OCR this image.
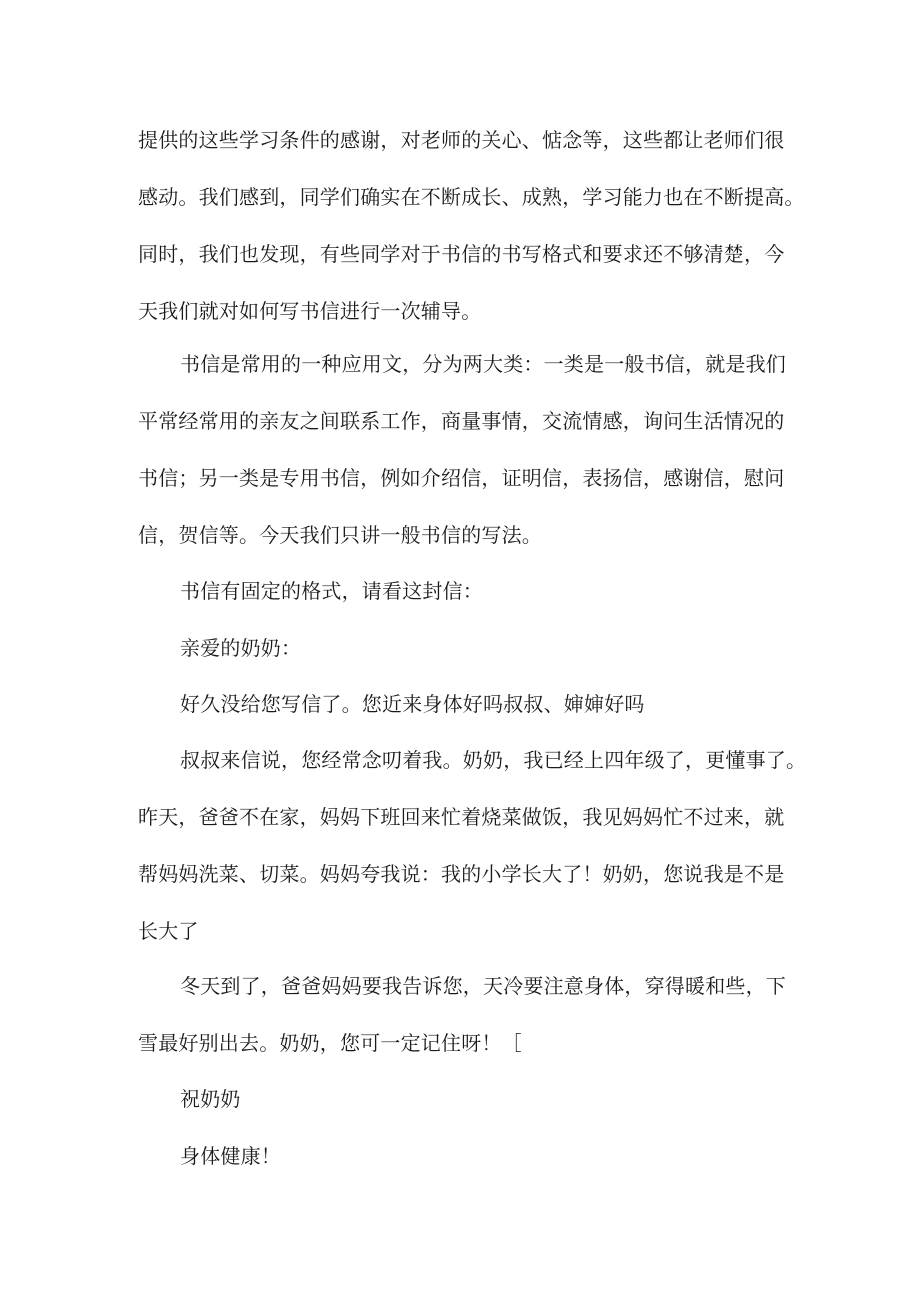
提供的这些学习条件的感谢，对老师的关心、惦念等，这些都让老师们很
感动。我们感到，同学们确实在不断成长、成熟，学习能力也在不断提高。
同时，我们也发现，有些同学对于书信的书写格式和要求还不够清楚，今
天我们就对如何写书信进行一次辅导。
书信是常用的一种应用文，分为两大类：一类是一般书信，就是我们
平常经常用的亲友之间联系工作，商量事情，交流情感，询问生活情况的
书信；另一类是专用书信，例如介绍信，证明信，表扬信，感谢信，慰问
信，贺信等。今天我们只讲一般书信的写法。
书信有固定的格式，请看这封信：
亲爱的奶奶：
好久没给您写信了。您近来身体好吗叔叔、婶婶好吗
叔叔来信说，您经常念叨着我。奶奶，我已经上四年级了，更懂事了。
昨天，爸爸不在家，妈妈下班回来忙着烧菜做饭，我见妈妈忙不过来，就
帮妈妈洗菜、切菜。妈妈夸我说：我的小学长大了！奶奶，您说我是不是
长大了
冬天到了，爸爸妈妈要我告诉您，天冷要注意身体，穿得暖和些，下
雪最好别出去。奶奶，您可一定记住呀！［
祝奶奶
身体健康！
